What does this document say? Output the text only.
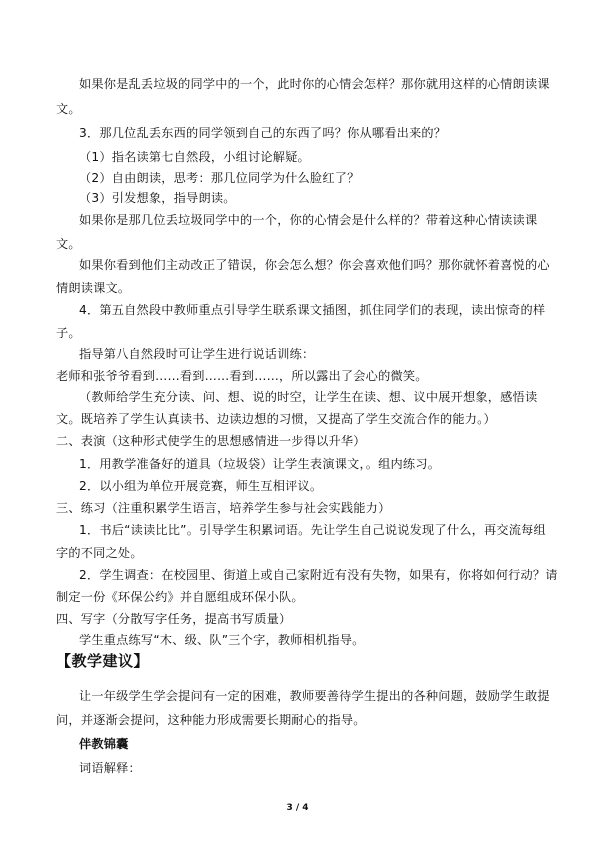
如果你是乱丢垃圾的同学中的一个，此时你的心情会怎样？那你就用这样的心情朗读课
文。
3．那几位乱丢东西的同学领到自己的东西了吗？你从哪看出来的？
（1）指名读第七自然段，小组讨论解疑。
（2）自由朗读，思考：那几位同学为什么脸红了？
（3）引发想象，指导朗读。
如果你是那几位丢垃圾同学中的一个，你的心情会是什么样的？带着这种心情读读课
文。
如果你看到他们主动改正了错误，你会怎么想？你会喜欢他们吗？那你就怀着喜悦的心
情朗读课文。
4．第五自然段中教师重点引导学生联系课文插图，抓住同学们的表现，读出惊奇的样
子。
指导第八自然段时可让学生进行说话训练：
老师和张爷爷看到……看到……看到……，所以露出了会心的微笑。
（教师给学生充分读、问、想、说的时空，让学生在读、想、议中展开想象，感悟读
文。既培养了学生认真读书、边读边想的习惯，又提高了学生交流合作的能力。）
二、表演（这种形式使学生的思想感情进一步得以升华）
1．用教学准备好的道具（垃圾袋）让学生表演课文，。组内练习。
2．以小组为单位开展竞赛，师生互相评议。
三、练习（注重积累学生语言，培养学生参与社会实践能力）
1．书后“读读比比”。引导学生积累词语。先让学生自己说说发现了什么，再交流每组
字的不同之处。
2．学生调查：在校园里、街道上或自己家附近有没有失物，如果有，你将如何行动？请
制定一份《环保公约》并自愿组成环保小队。
四、写字（分散写字任务，提高书写质量）
学生重点练写“木、级、队”三个字，教师相机指导。
【教学建议】
让一年级学生学会提问有一定的困难，教师要善待学生提出的各种问题，鼓励学生敢提
问，并逐渐会提问，这种能力形成需要长期耐心的指导。
伴教锦囊
词语解释：
3 / 4
